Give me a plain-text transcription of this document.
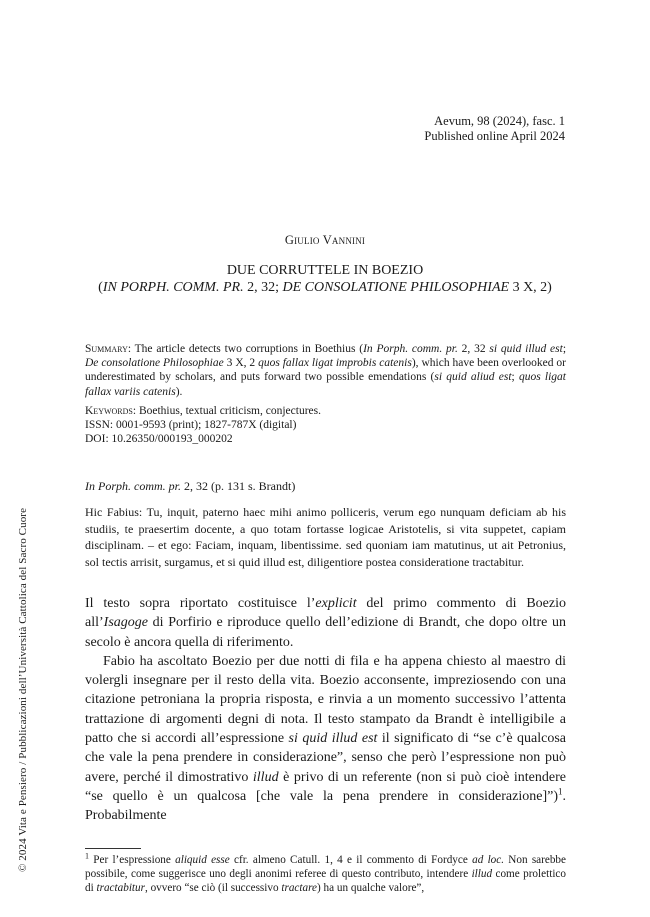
Aevum, 98 (2024), fasc. 1
Published online April 2024
Giulio Vannini
DUE CORRUTTELE IN BOEZIO
(IN PORPH. COMM. PR. 2, 32; DE CONSOLATIONE PHILOSOPHIAE 3 X, 2)
Summary: The article detects two corruptions in Boethius (In Porph. comm. pr. 2, 32 si quid illud est; De consolatione Philosophiae 3 X, 2 quos fallax ligat improbis catenis), which have been overlooked or underestimated by scholars, and puts forward two possible emendations (si quid aliud est; quos ligat fallax variis catenis).
Keywords: Boethius, textual criticism, conjectures.
ISSN: 0001-9593 (print); 1827-787X (digital)
DOI: 10.26350/000193_000202
© 2024 Vita e Pensiero / Pubblicazioni dell’Università Cattolica del Sacro Cuore
In Porph. comm. pr. 2, 32 (p. 131 s. Brandt)
Hic Fabius: Tu, inquit, paterno haec mihi animo polliceris, verum ego nunquam deficiam ab his studiis, te praesertim docente, a quo totam fortasse logicae Aristotelis, si vita suppetet, capiam disciplinam. – et ego: Faciam, inquam, libentissime. sed quoniam iam matutinus, ut ait Petronius, sol tectis arrisit, surgamus, et si quid illud est, diligentiore postea consideratione tractabitur.

Il testo sopra riportato costituisce l’explicit del primo commento di Boezio all’Isagoge di Porfirio e riproduce quello dell’edizione di Brandt, che dopo oltre un secolo è ancora quella di riferimento.

Fabio ha ascoltato Boezio per due notti di fila e ha appena chiesto al maestro di volergli insegnare per il resto della vita. Boezio acconsente, impreziosendo con una citazione petroniana la propria risposta, e rinvia a un momento successivo l’attenta trattazione di argomenti degni di nota. Il testo stampato da Brandt è intelligibile a patto che si accordi all’espressione si quid illud est il significato di “se c’è qualcosa che vale la pena prendere in considerazione”, senso che però l’espressione non può avere, perché il dimostrativo illud è privo di un referente (non si può cioè intendere “se quello è un qualcosa [che vale la pena prendere in considerazione]”)$^1$. Probabilmente

$^1$ Per l’espressione aliquid esse cfr. almeno Catull. 1, 4 e il commento di Fordyce ad loc. Non sarebbe possibile, come suggerisce uno degli anonimi referee di questo contributo, intendere illud come prolettico di tractabitur, ovvero “se ciò (il successivo tractare) ha un qualche valore”,
